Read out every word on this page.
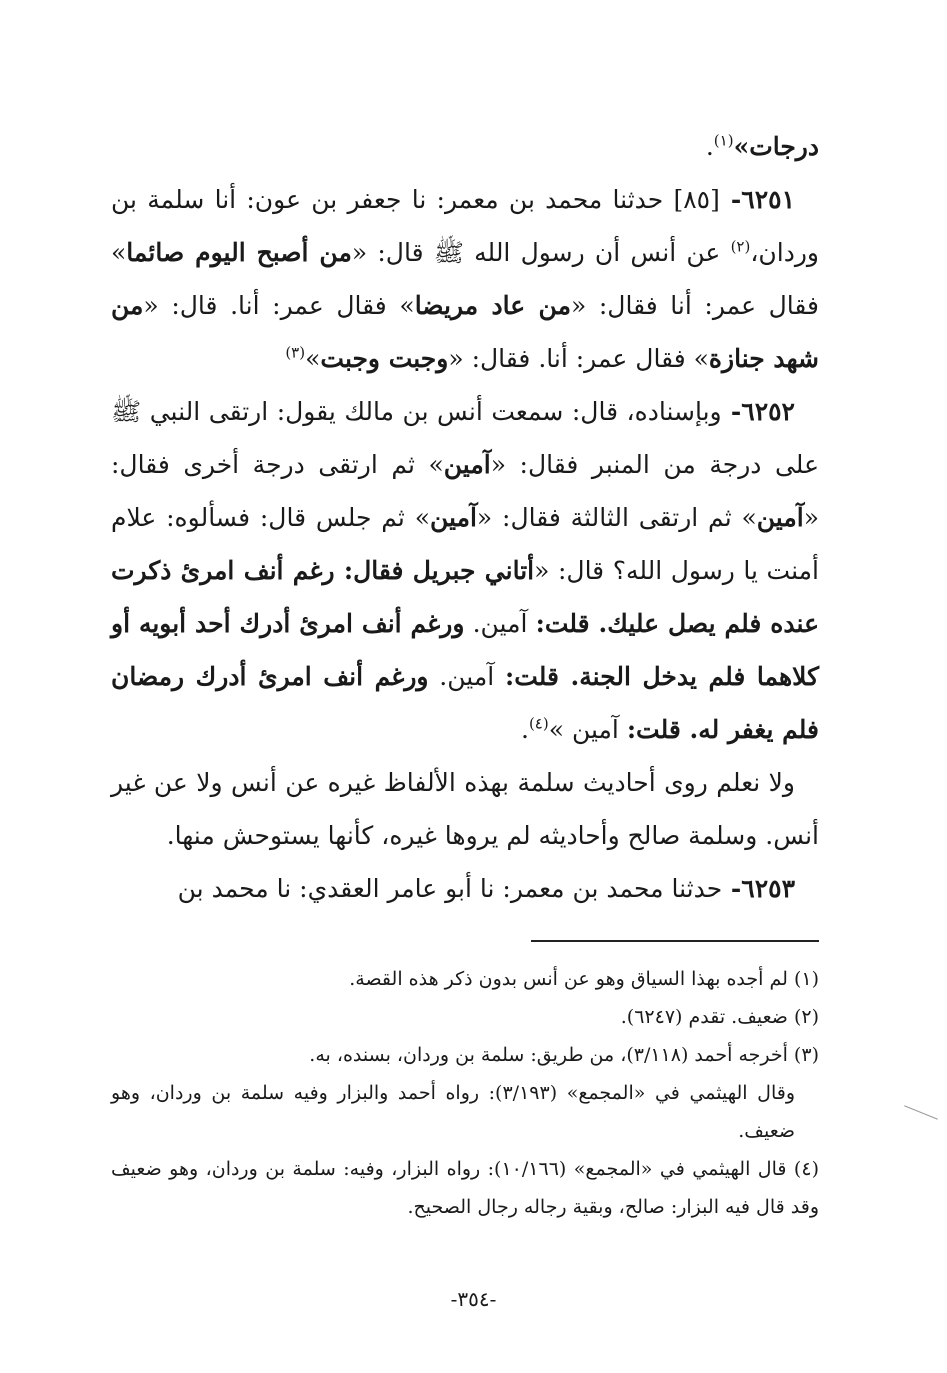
درجات»$^{(١)}$.

٦٢٥١- [٨٥] حدثنا محمد بن معمر: نا جعفر بن عون: أنا سلمة بن وردان،$^{(٢)}$ عن أنس أن رسول الله ﷺ قال: «من أصبح اليوم صائما» فقال عمر: أنا فقال: «من عاد مريضا» فقال عمر: أنا. قال: «من شهد جنازة» فقال عمر: أنا. فقال: «وجبت وجبت»$^{(٣)}$

٦٢٥٢- وبإسناده، قال: سمعت أنس بن مالك يقول: ارتقى النبي ﷺ على درجة من المنبر فقال: «آمين» ثم ارتقى درجة أخرى فقال: «آمين» ثم ارتقى الثالثة فقال: «آمين» ثم جلس قال: فسألوه: علام أمنت يا رسول الله؟ قال: «أتاني جبريل فقال: رغم أنف امرئ ذكرت عنده فلم يصل عليك. قلت: آمين. ورغم أنف امرئ أدرك أحد أبويه أو كلاهما فلم يدخل الجنة. قلت: آمين. ورغم أنف امرئ أدرك رمضان فلم يغفر له. قلت: آمين »$^{(٤)}$.

ولا نعلم روى أحاديث سلمة بهذه الألفاظ غيره عن أنس ولا عن غير أنس. وسلمة صالح وأحاديثه لم يروها غيره، كأنها يستوحش منها.

٦٢٥٣- حدثنا محمد بن معمر: نا أبو عامر العقدي: نا محمد بن

(١) لم أجده بهذا السياق وهو عن أنس بدون ذكر هذه القصة.

(٢) ضعيف. تقدم (٦٢٤٧).

(٣) أخرجه أحمد (٣/١١٨)، من طريق: سلمة بن وردان، بسنده، به.

وقال الهيثمي في «المجمع» (٣/١٩٣): رواه أحمد والبزار وفيه سلمة بن وردان، وهو ضعيف.

(٤) قال الهيثمي في «المجمع» (١٠/١٦٦): رواه البزار، وفيه: سلمة بن وردان، وهو ضعيف وقد قال فيه البزار: صالح، وبقية رجاله رجال الصحيح.

-٣٥٤-
